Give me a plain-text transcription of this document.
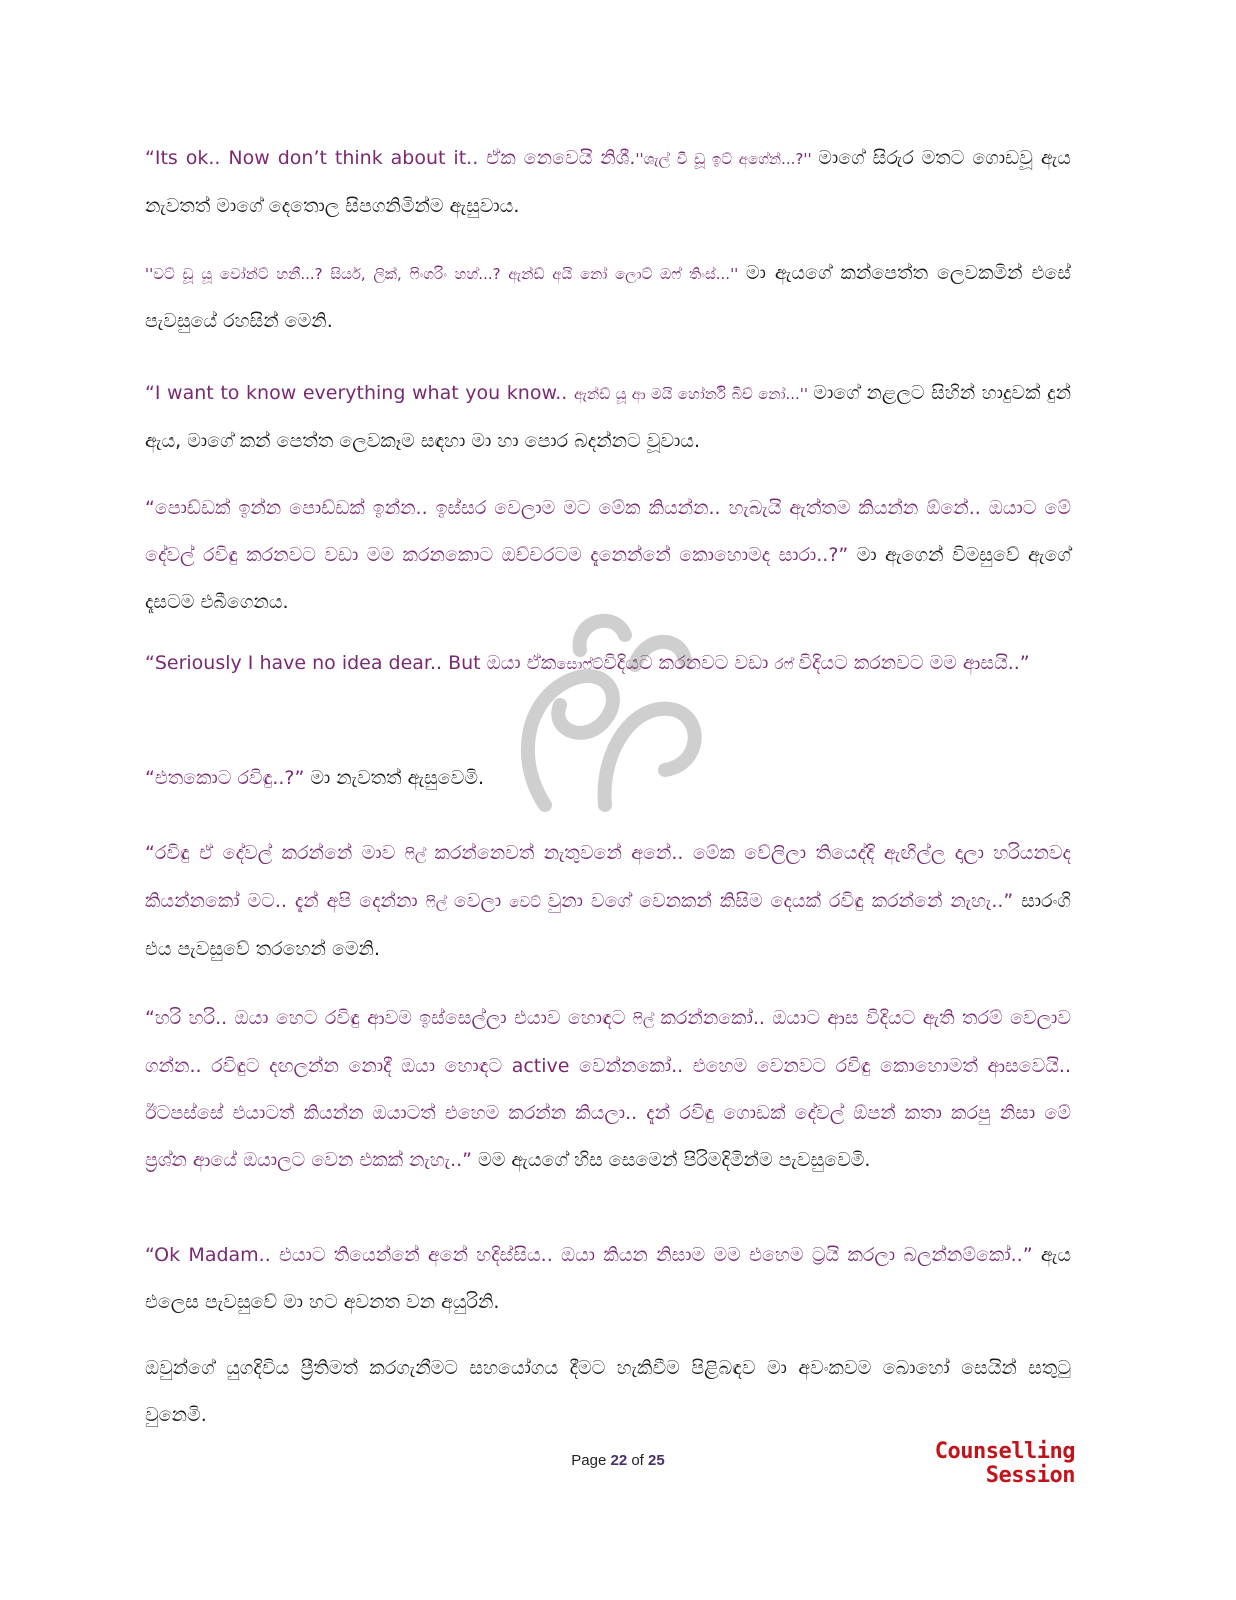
“Its ok.. Now don’t think about it.. ඒක නෙවෙයි නිශී.''ශැල් වී ඩූ ඉට් අගේන්...?'' මාගේ සිරුර මතට ගොඩවූ ඇය නැවතත් මාගේ දෙතොල සිපගනිමින්ම ඇසුවාය.

''වට් ඩූ යූ වෝන්ට් හනී...? සියර්, ලික්, ෆිංගරිං හහ්...? ඇන්ඩ් අයි නෝ ලොට් ඔෆ් තිංස්...'' මා ඇයගේ කන්පෙත්ත ලෙවකමින් එසේ පැවසුයේ රහසින් මෙනි.

“I want to know everything what you know.. ඇන්ඩ් යූ ආ මයි හෝර්නි බිච් නෝ...'' මාගේ නළලට සිහින් හාදුවක් දුන් ඇය, මාගේ කන් පෙත්ත ලෙවකෑම සඳහා මා හා පොර බදන්නට වූවාය.

“පොඩ්ඩක් ඉන්න පොඩ්ඩක් ඉන්න.. ඉස්සර වෙලාම මට මේක කියන්න.. හැබැයි ඇත්තම කියන්න ඕනේ.. ඔයාට මේ දේවල් රවිඳු කරනවට වඩා මම කරනකොට ඔච්චරටම දැනෙන්නේ කොහොමද සාරා..?” මා ඇගෙන් විමසුවේ ඇගේ දෑසටම එබීගෙනය.

“Seriously I have no idea dear.. But ඔයා ඒකසොෆ්ට්විදියට කරනවට වඩා රෆ් විදියට කරනවට මම ආසයි..”

“එතකොට රවිඳු..?” මා නැවතත් ඇසුවෙමි.

“රවිඳු ඒ දේවල් කරන්නේ මාව ෆිල් කරන්නෙවත් නැතුවනේ අනේ.. මේක වේලිලා තියෙද්දි ඇඟිල්ල දාලා හරියනවද කියන්නකෝ මට.. දැන් අපි දෙන්නා ෆිල් වෙලා වෙට් වුනා වගේ වෙනකන් කිසිම දෙයක් රවිඳු කරන්නේ නැහැ..” සාරංගි එය පැවසුවේ තරහෙන් මෙනි.

“හරි හරි.. ඔයා හෙට රවිඳු ආවම ඉස්සෙල්ලා එයාව හොඳට ෆිල් කරන්නකෝ.. ඔයාට ආස විදියට ඇති තරම් වෙලාව ගන්න.. රවිඳුට දඟලන්න නොදී ඔයා හොඳට active වෙන්නකෝ.. එහෙම වෙනවට රවිඳු කොහොමත් ආසවෙයි.. ඊටපස්සේ එයාටත් කියන්න ඔයාටත් එහෙම කරන්න කියලා.. දැන් රවිඳු ගොඩක් දේවල් ඕපන් කතා කරපු නිසා මේ ප්‍රශ්න ආයේ ඔයාලට වෙන එකක් නැහැ..” මම ඇයගේ හිස සෙමෙන් පිරිමදිමින්ම පැවසුවෙමි.

“Ok Madam.. එයාට තියෙන්නේ අනේ හදිස්සිය.. ඔයා කියන නිසාම මම එහෙම ට්‍රයි කරලා බලන්නම්කෝ..” ඇය එලෙස පැවසුවේ මා හට අවනත වන අයුරිනි.

ඔවුන්ගේ යුගදිවිය ප්‍රීතිමත් කරගැනීමට සහයෝගය දීමට හැකිවීම පිළිබඳව මා අවංකවම බොහෝ සෙයින් සතුටු වුනෙමි.

Page 22 of 25	Counselling
Session
